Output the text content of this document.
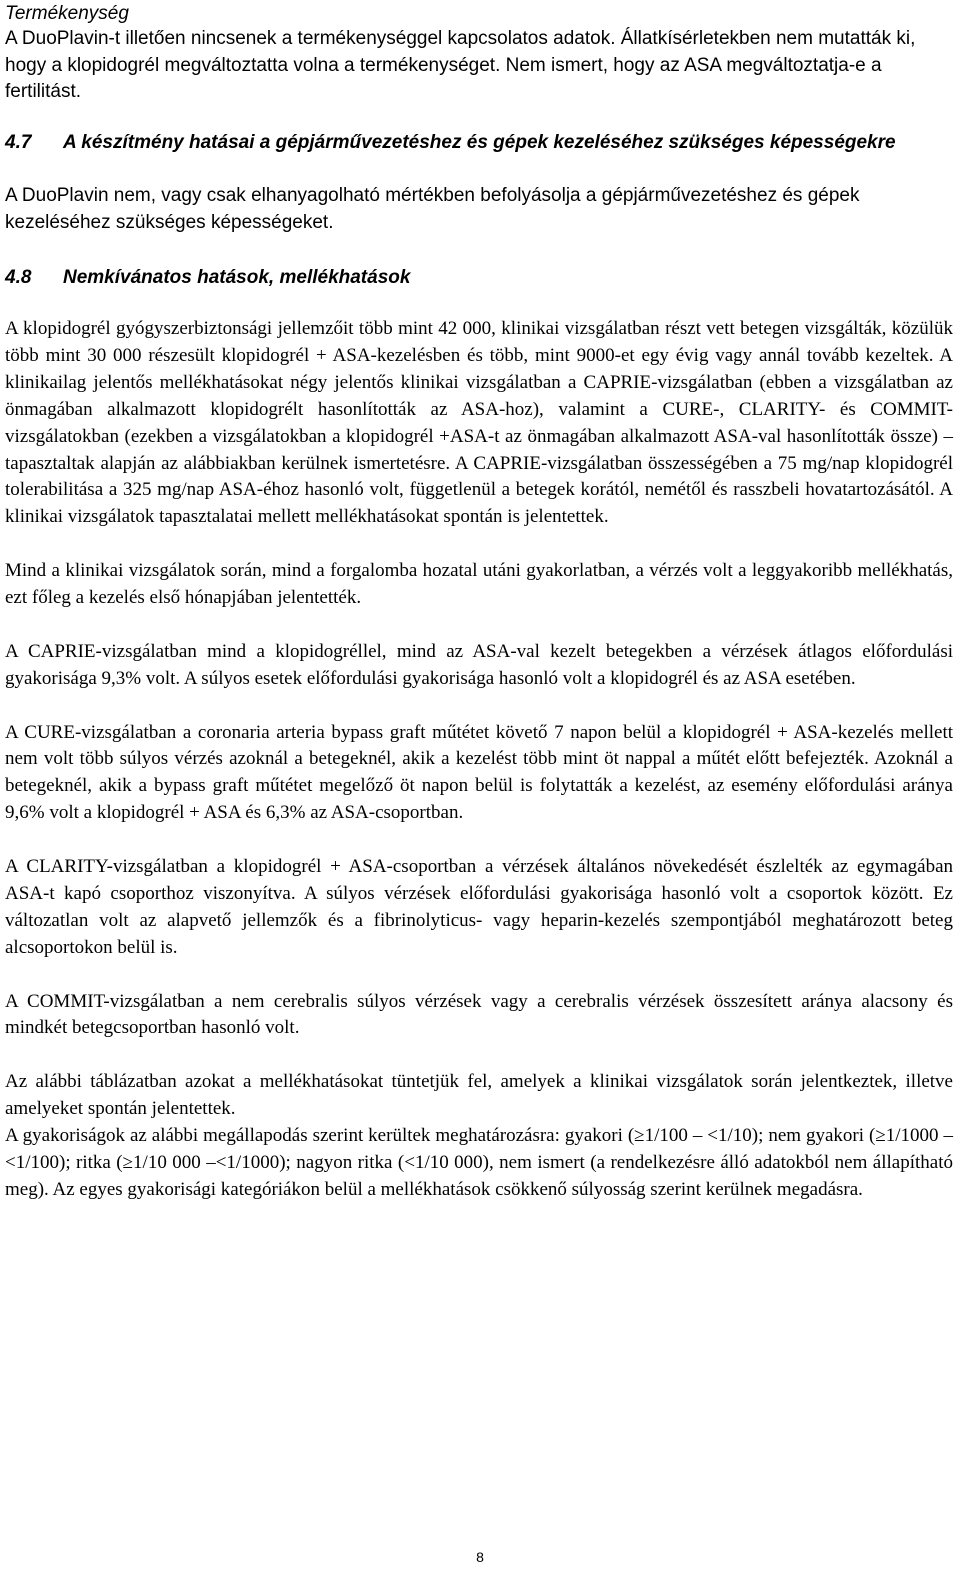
Termékenység

A DuoPlavin-t illetően nincsenek a termékenységgel kapcsolatos adatok. Állatkísérletekben nem mutatták ki, hogy a klopidogrél megváltoztatta volna a termékenységet. Nem ismert, hogy az ASA megváltoztatja-e a fertilitást.

4.7 A készítmény hatásai a gépjárművezetéshez és gépek kezeléséhez szükséges képességekre

A DuoPlavin nem, vagy csak elhanyagolható mértékben befolyásolja a gépjárművezetéshez és gépek kezeléséhez szükséges képességeket.

4.8 Nemkívánatos hatások, mellékhatások

A klopidogrél gyógyszerbiztonsági jellemzőit több mint 42 000, klinikai vizsgálatban részt vett betegen vizsgálták, közülük több mint 30 000 részesült klopidogrél + ASA-kezelésben és több, mint 9000-et egy évig vagy annál tovább kezeltek. A klinikailag jelentős mellékhatásokat négy jelentős klinikai vizsgálatban a CAPRIE-vizsgálatban (ebben a vizsgálatban az önmagában alkalmazott klopidogrélt hasonlították az ASA-hoz), valamint a CURE-, CLARITY- és COMMIT-vizsgálatokban (ezekben a vizsgálatokban a klopidogrél +ASA-t az önmagában alkalmazott ASA-val hasonlították össze) – tapasztaltak alapján az alábbiakban kerülnek ismertetésre. A CAPRIE-vizsgálatban összességében a 75 mg/nap klopidogrél tolerabilitása a 325 mg/nap ASA-éhoz hasonló volt, függetlenül a betegek korától, nemétől és rasszbeli hovatartozásától. A klinikai vizsgálatok tapasztalatai mellett mellékhatásokat spontán is jelentettek.

Mind a klinikai vizsgálatok során, mind a forgalomba hozatal utáni gyakorlatban, a vérzés volt a leggyakoribb mellékhatás, ezt főleg a kezelés első hónapjában jelentették.

A CAPRIE-vizsgálatban mind a klopidogréllel, mind az ASA-val kezelt betegekben a vérzések átlagos előfordulási gyakorisága 9,3% volt. A súlyos esetek előfordulási gyakorisága hasonló volt a klopidogrél és az ASA esetében.

A CURE-vizsgálatban a coronaria arteria bypass graft műtétet követő 7 napon belül a klopidogrél + ASA-kezelés mellett nem volt több súlyos vérzés azoknál a betegeknél, akik a kezelést több mint öt nappal a műtét előtt befejezték. Azoknál a betegeknél, akik a bypass graft műtétet megelőző öt napon belül is folytatták a kezelést, az esemény előfordulási aránya 9,6% volt a klopidogrél + ASA és 6,3% az ASA-csoportban.

A CLARITY-vizsgálatban a klopidogrél + ASA-csoportban a vérzések általános növekedését észlelték az egymagában ASA-t kapó csoporthoz viszonyítva. A súlyos vérzések előfordulási gyakorisága hasonló volt a csoportok között. Ez változatlan volt az alapvető jellemzők és a fibrinolyticus- vagy heparin-kezelés szempontjából meghatározott beteg alcsoportokon belül is.

A COMMIT-vizsgálatban a nem cerebralis súlyos vérzések vagy a cerebralis vérzések összesített aránya alacsony és mindkét betegcsoportban hasonló volt.

Az alábbi táblázatban azokat a mellékhatásokat tüntetjük fel, amelyek a klinikai vizsgálatok során jelentkeztek, illetve amelyeket spontán jelentettek.

A gyakoriságok az alábbi megállapodás szerint kerültek meghatározásra: gyakori (≥1/100 – <1/10); nem gyakori (≥1/1000 –<1/100); ritka (≥1/10 000 –<1/1000); nagyon ritka (<1/10 000), nem ismert (a rendelkezésre álló adatokból nem állapítható meg). Az egyes gyakorisági kategóriákon belül a mellékhatások csökkenő súlyosság szerint kerülnek megadásra.

8
